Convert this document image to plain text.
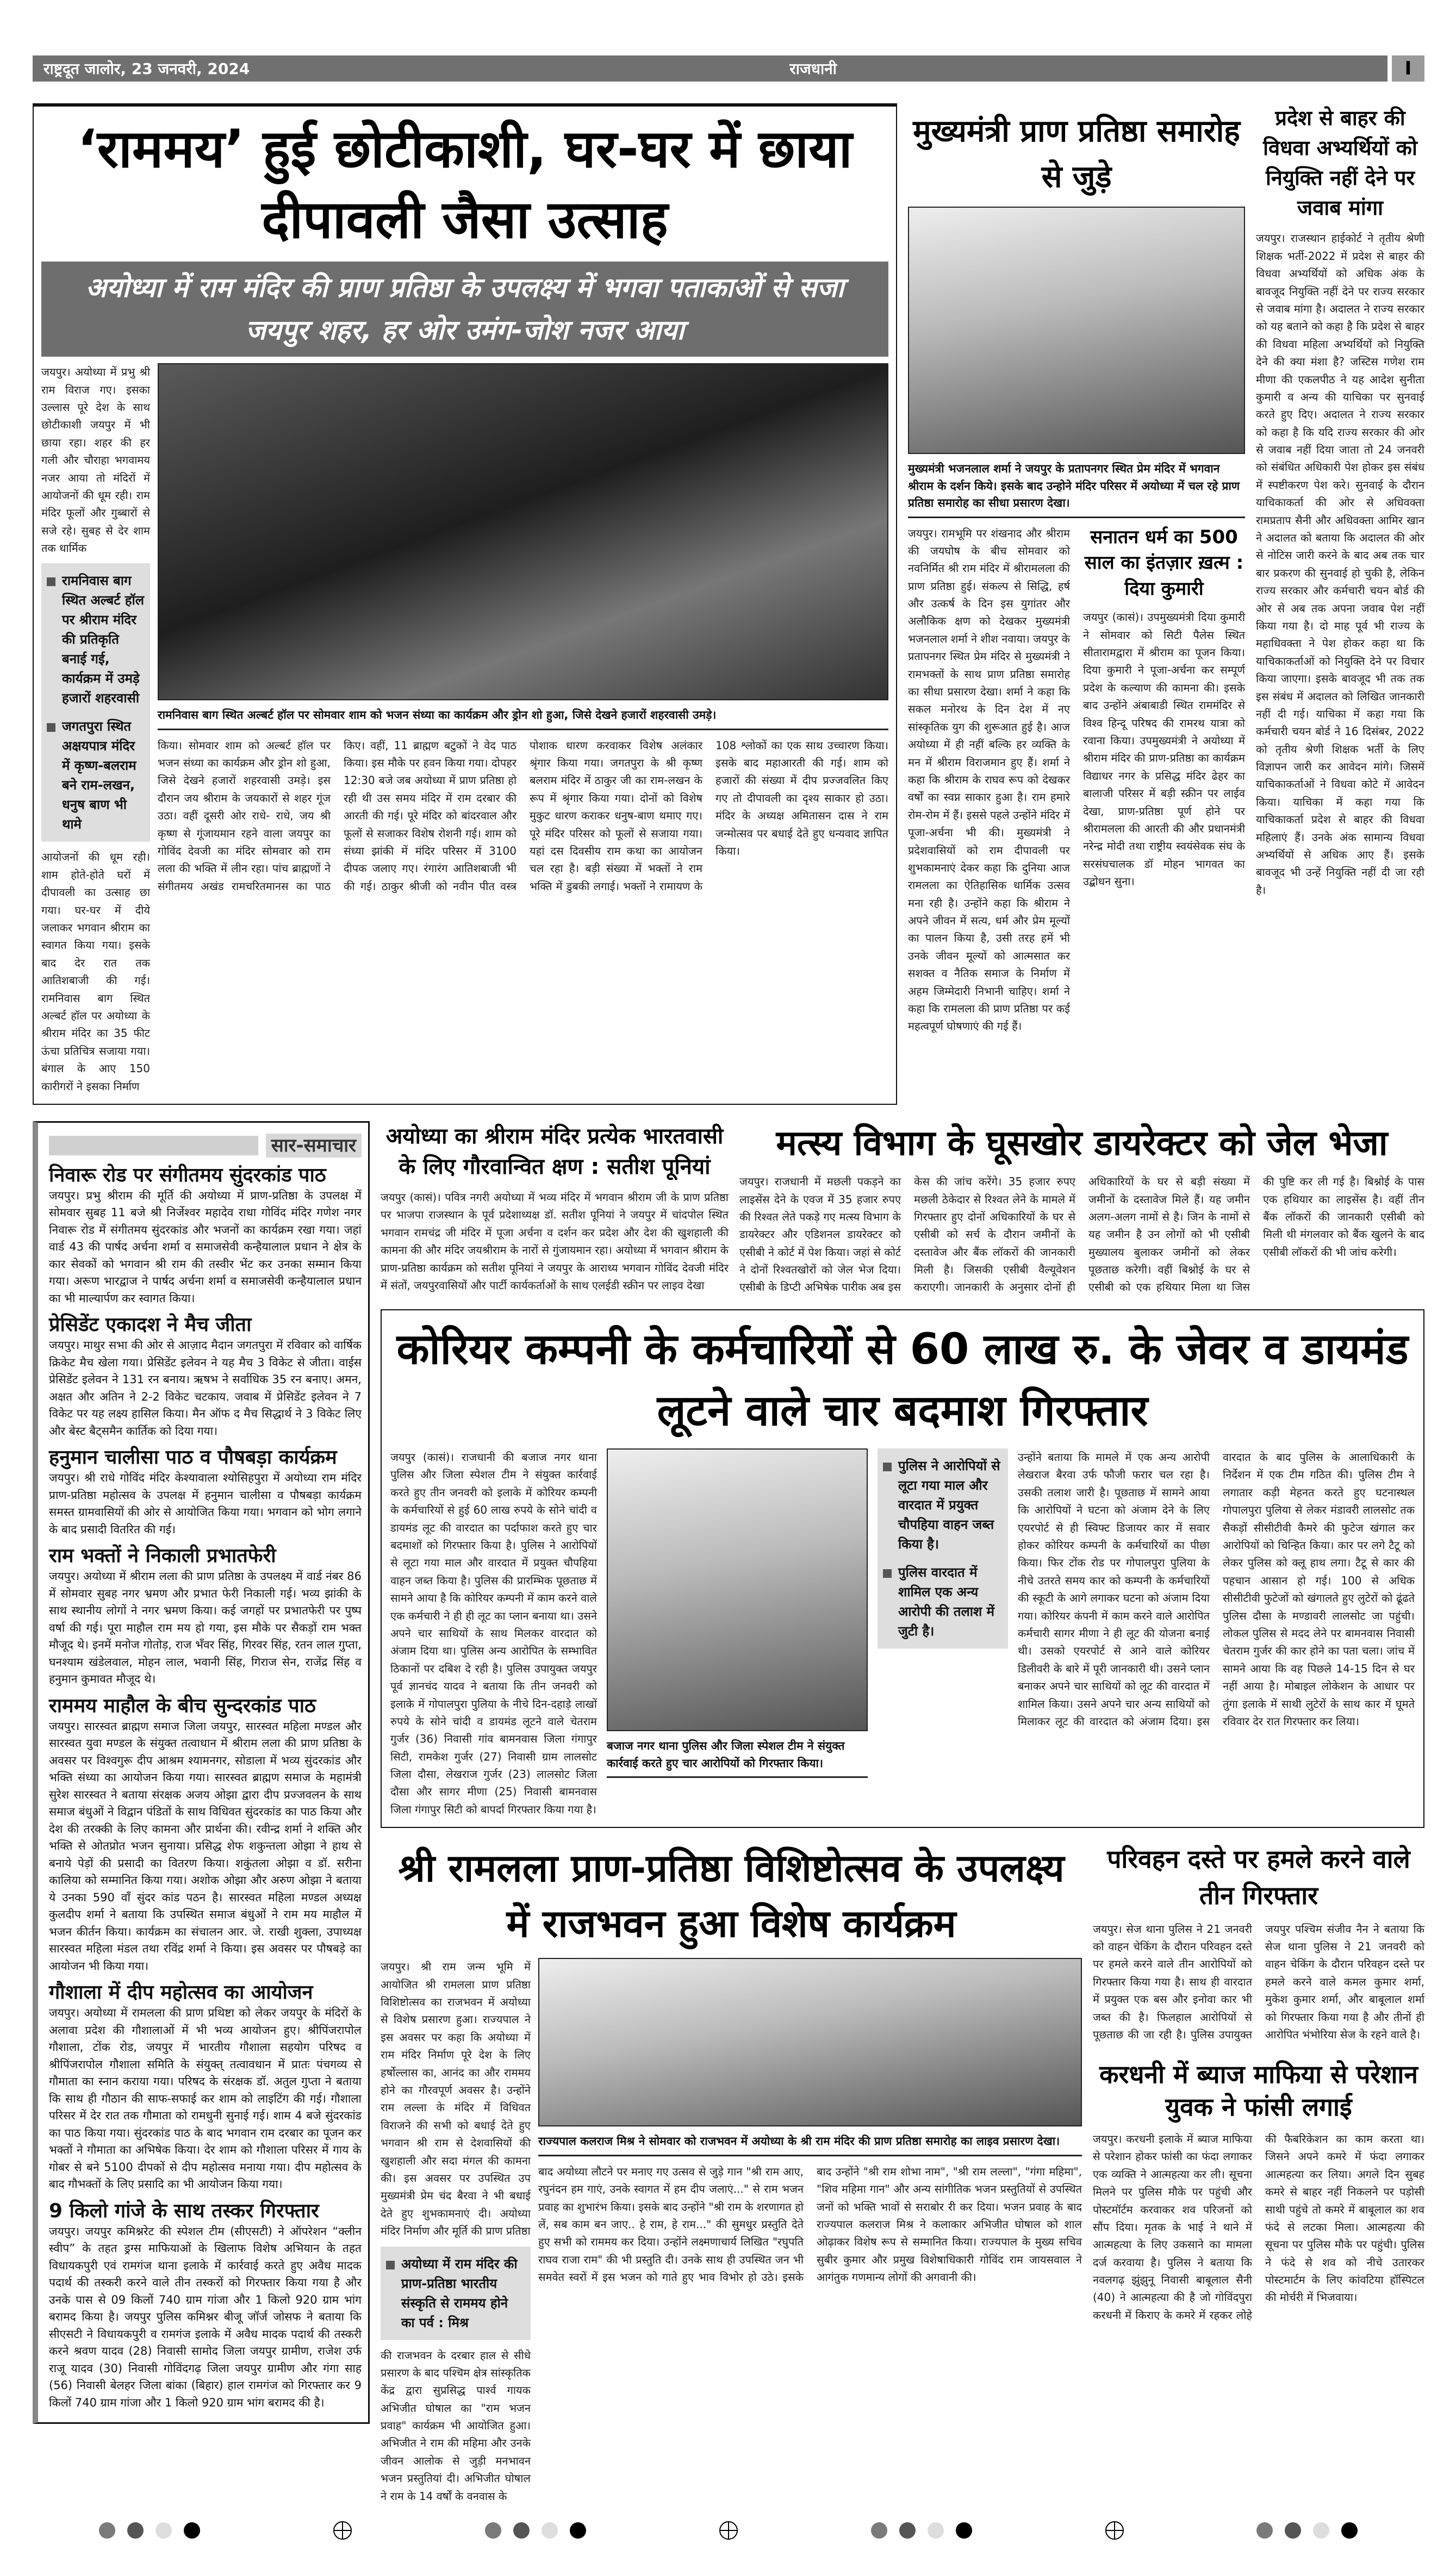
राष्ट्रदूत जालोर, 23 जनवरी, 2024	राजधानी	I
‘राममय’ हुई छोटीकाशी, घर-घर में छाया दीपावली जैसा उत्साह
अयोध्या में राम मंदिर की प्राण प्रतिष्ठा के उपलक्ष्य में भगवा पताकाओं से सजा जयपुर शहर, हर ओर उमंग-जोश नजर आया
जयपुर। अयोध्या में प्रभु श्री राम विराज गए। इसका उल्लास पूरे देश के साथ छोटीकाशी जयपुर में भी छाया रहा। शहर की हर गली और चौराहा भगवामय नजर आया तो मंदिरों में आयोजनों की धूम रही। राम मंदिर फूलों और गुब्बारों से सजे रहे। सुबह से देर शाम तक धार्मिक
रामनिवास बाग स्थित अल्बर्ट हॉल पर श्रीराम मंदिर की प्रतिकृति बनाई गई, कार्यक्रम में उमड़े हजारों शहरवासी
जगतपुरा स्थित अक्षयपात्र मंदिर में कृष्ण-बलराम बने राम-लखन, धनुष बाण भी थामे
आयोजनों की धूम रही। शाम होते-होते घरों में दीपावली का उत्साह छा गया। घर-घर में दीये जलाकर भगवान श्रीराम का स्वागत किया गया। इसके बाद देर रात तक आतिशबाजी की गई। रामनिवास बाग स्थित अल्बर्ट हॉल पर अयोध्या के श्रीराम मंदिर का 35 फीट ऊंचा प्रतिचित्र सजाया गया। बंगाल के आए 150 कारीगरों ने इसका निर्माण
रामनिवास बाग स्थित अल्बर्ट हॉल पर सोमवार शाम को भजन संध्या का कार्यक्रम और ड्रोन शो हुआ, जिसे देखने हजारों शहरवासी उमड़े।
किया। सोमवार शाम को अल्बर्ट हॉल पर भजन संध्या का कार्यक्रम और ड्रोन शो हुआ, जिसे देखने हजारों शहरवासी उमड़े। इस दौरान जय श्रीराम के जयकारों से शहर गूंज उठा। वहीं दूसरी ओर राधे- राधे, जय श्री कृष्ण से गूंजायमान रहने वाला जयपुर का गोविंद देवजी का मंदिर सोमवार को राम लला की भक्ति में लीन रहा। पांच ब्राह्मणों ने संगीतमय अखंड रामचरितमानस का पाठ किए। वहीं, 11 ब्राह्मण बटुकों ने वेद पाठ किया। इस मौके पर हवन किया गया। दोपहर 12:30 बजे जब अयोध्या में प्राण प्रतिष्ठा हो रही थी उस समय मंदिर में राम दरबार की आरती की गई। पूरे मंदिर को बांदरवाल और फूलों से सजाकर विशेष रोशनी गई। शाम को संध्या झांकी में मंदिर परिसर में 3100 दीपक जलाए गए। रंगारंग आतिशबाजी भी की गई। ठाकुर श्रीजी को नवीन पीत वस्त्र पोशाक धारण करवाकर विशेष अलंकार श्रृंगार किया गया। जगतपुरा के श्री कृष्ण बलराम मंदिर में ठाकुर जी का राम-लखन के रूप में श्रृंगार किया गया। दोनों को विशेष मुकुट धारण कराकर धनुष-बाण थमाए गए। पूरे मंदिर परिसर को फूलों से सजाया गया। यहां दस दिवसीय राम कथा का आयोजन चल रहा है। बड़ी संख्या में भक्तों ने राम भक्ति में डुबकी लगाई। भक्तों ने रामायण के 108 श्लोकों का एक साथ उच्चारण किया। इसके बाद महाआरती की गई। शाम को हजारों की संख्या में दीप प्रज्जवलित किए गए तो दीपावली का दृश्य साकार हो उठा। मंदिर के अध्यक्ष अमितासन दास ने राम जन्मोत्सव पर बधाई देते हुए धन्यवाद ज्ञापित किया।
मुख्यमंत्री प्राण प्रतिष्ठा समारोह से जुड़े
मुख्यमंत्री भजनलाल शर्मा ने जयपुर के प्रतापनगर स्थित प्रेम मंदिर में भगवान श्रीराम के दर्शन किये। इसके बाद उन्होने मंदिर परिसर में अयोध्या में चल रहे प्राण प्रतिष्ठा समारोह का सीधा प्रसारण देखा।
जयपुर। रामभूमि पर शंखनाद और श्रीराम की जयघोष के बीच सोमवार को नवनिर्मित श्री राम मंदिर में श्रीरामलला की प्राण प्रतिष्ठा हुई। संकल्प से सिद्धि, हर्ष और उत्कर्ष के दिन इस युगांतर और अलौकिक क्षण को देखकर मुख्यमंत्री भजनलाल शर्मा ने शीश नवाया। जयपुर के प्रतापनगर स्थित प्रेम मंदिर से मुख्यमंत्री ने रामभक्तों के साथ प्राण प्रतिष्ठा समारोह का सीधा प्रसारण देखा। शर्मा ने कहा कि सकल मनोरथ के दिन देश में नए सांस्कृतिक युग की शुरूआत हुई है। आज अयोध्या में ही नहीं बल्कि हर व्यक्ति के मन में श्रीराम विराजमान हुए हैं। शर्मा ने कहा कि श्रीराम के राघव रूप को देखकर वर्षों का स्वप्न साकार हुआ है। राम हमारे रोम-रोम में हैं। इससे पहले उन्होंने मंदिर में पूजा-अर्चना भी की। मुख्यमंत्री ने प्रदेशवासियों को राम दीपावली पर शुभकामनाएं देकर कहा कि दुनिया आज रामलला का ऐतिहासिक धार्मिक उत्सव मना रही है। उन्होंने कहा कि श्रीराम ने अपने जीवन में सत्य, धर्म और प्रेम मूल्यों का पालन किया है, उसी तरह हमें भी उनके जीवन मूल्यों को आत्मसात कर सशक्त व नैतिक समाज के निर्माण में अहम जिम्मेदारी निभानी चाहिए। शर्मा ने कहा कि रामलला की प्राण प्रतिष्ठा पर कई महत्वपूर्ण घोषणाएं की गई हैं।
सनातन धर्म का 500 साल का इंतज़ार ख़त्म : दिया कुमारी
जयपुर (कासं)। उपमुख्यमंत्री दिया कुमारी ने सोमवार को सिटी पैलेस स्थित सीतारामद्वारा में श्रीराम का पूजन किया। दिया कुमारी ने पूजा-अर्चना कर सम्पूर्ण प्रदेश के कल्याण की कामना की। इसके बाद उन्होंने अंबाबाडी स्थित राममंदिर से विश्व हिन्दू परिषद की रामरथ यात्रा को रवाना किया। उपमुख्यमंत्री ने अयोध्या में श्रीराम मंदिर की प्राण-प्रतिष्ठा का कार्यक्रम विद्याधर नगर के प्रसिद्ध मंदिर ढेहर का बालाजी परिसर में बड़ी स्क्रीन पर लाईव देखा, प्राण-प्रतिष्ठा पूर्ण होने पर श्रीरामलला की आरती की और प्रधानमंत्री नरेन्द्र मोदी तथा राष्ट्रीय स्वयंसेवक संघ के सरसंघचालक डॉ मोहन भागवत का उद्बोधन सुना।
प्रदेश से बाहर की विधवा अभ्यर्थियों को नियुक्ति नहीं देने पर जवाब मांगा
जयपुर। राजस्थान हाईकोर्ट ने तृतीय श्रेणी शिक्षक भर्ती-2022 में प्रदेश से बाहर की विधवा अभ्यर्थियों को अधिक अंक के बावजूद नियुक्ति नहीं देने पर राज्य सरकार से जवाब मांगा है। अदालत ने राज्य सरकार को यह बताने को कहा है कि प्रदेश से बाहर की विधवा महिला अभ्यर्थियों को नियुक्ति देने की क्या मंशा है? जस्टिस गणेश राम मीणा की एकलपीठ ने यह आदेश सुनीता कुमारी व अन्य की याचिका पर सुनवाई करते हुए दिए। अदालत ने राज्य सरकार को कहा है कि यदि राज्य सरकार की ओर से जवाब नहीं दिया जाता तो 24 जनवरी को संबंधित अधिकारी पेश होकर इस संबंध में स्पष्टीकरण पेश करे। सुनवाई के दौरान याचिकाकर्ता की ओर से अधिवक्ता रामप्रताप सैनी और अधिवक्ता आमिर खान ने अदालत को बताया कि अदालत की ओर से नोटिस जारी करने के बाद अब तक चार बार प्रकरण की सुनवाई हो चुकी है, लेकिन राज्य सरकार और कर्मचारी चयन बोर्ड की ओर से अब तक अपना जवाब पेश नहीं किया गया है। दो माह पूर्व भी राज्य के महाधिवक्ता ने पेश होकर कहा था कि याचिकाकर्ताओं को नियुक्ति देने पर विचार किया जाएगा। इसके बावजूद भी तक तक इस संबंध में अदालत को लिखित जानकारी नहीं दी गई। याचिका में कहा गया कि कर्मचारी चयन बोर्ड ने 16 दिसंबर, 2022 को तृतीय श्रेणी शिक्षक भर्ती के लिए विज्ञापन जारी कर आवेदन मांगे। जिसमें याचिकाकर्ताओं ने विधवा कोटे में आवेदन किया। याचिका में कहा गया कि याचिकाकर्ता प्रदेश से बाहर की विधवा महिलाएं हैं। उनके अंक सामान्य विधवा अभ्यर्थियों से अधिक आए हैं। इसके बावजूद भी उन्हें नियुक्ति नहीं दी जा रही है।
सार-समाचार
निवारू रोड पर संगीतमय सुंदरकांड पाठ

जयपुर। प्रभु श्रीराम की मूर्ति की अयोध्या में प्राण-प्रतिष्ठा के उपलक्ष में सोमवार सुबह 11 बजे श्री निर्जेश्वर महादेव राधा गोविंद मंदिर गणेश नगर निवारू रोड में संगीतमय सुंदरकांड और भजनों का कार्यक्रम रखा गया। जहां वार्ड 43 की पार्षद अर्चना शर्मा व समाजसेवी कन्हैयालाल प्रधान ने क्षेत्र के कार सेवकों को भगवान श्री राम की तस्वीर भेंट कर उनका सम्मान किया गया। अरूण भारद्वाज ने पार्षद अर्चना शर्मा व समाजसेवी कन्हैयालाल प्रधान का भी माल्यार्पण कर स्वागत किया।

प्रेसिडेंट एकादश ने मैच जीता

जयपुर। माथुर सभा की ओर से आज़ाद मैदान जगतपुरा में रविवार को वार्षिक क्रिकेट मैच खेला गया। प्रेसिडेंट इलेवन ने यह मैच 3 विकेट से जीता। वाईस प्रेसिडेंट इलेवन ने 131 रन बनाय। ऋषभ ने सर्वाधिक 35 रन बनाए। अमन, अक्षत और अतिन ने 2-2 विकेट चटकाय. जवाब में प्रेसिडेंट इलेवन ने 7 विकेट पर यह लक्ष्य हासिल किया। मैन ऑफ द मैच सिद्धार्थ ने 3 विकेट लिए और बेस्ट बैट्समैन कार्तिक को दिया गया।

हनुमान चालीसा पाठ व पौषबड़ा कार्यक्रम

जयपुर। श्री राधे गोविंद मंदिर केश्यावाला श्योसिहपुरा में अयोध्या राम मंदिर प्राण-प्रतिष्ठा महोत्सव के उपलक्ष में हनुमान चालीसा व पौषबड़ा कार्यक्रम समस्त ग्रामवासियों की ओर से आयोजित किया गया। भगवान को भोग लगाने के बाद प्रसादी वितरित की गई।

राम भक्तों ने निकाली प्रभातफेरी

जयपुर। अयोध्या में श्रीराम लला की प्राण प्रतिष्ठा के उपलक्ष्य में वार्ड नंबर 86 में सोमवार सुबह नगर भ्रमण और प्रभात फेरी निकाली गई। भव्य झांकी के साथ स्थानीय लोगों ने नगर भ्रमण किया। कई जगहों पर प्रभातफेरी पर पुष्प वर्षा की गई। पूरा माहौल राम मय हो गया, इस मौके पर सैकड़ों राम भक्त मौजूद थे। इनमें मनोज गोतोड़, राज भँवर सिंह, गिरवर सिंह, रतन लाल गुप्ता, घनश्याम खंडेलवाल, मोहन लाल, भवानी सिंह, गिराज सेन, राजेंद्र सिंह व हनुमान कुमावत मौजूद थे।

राममय माहौल के बीच सुन्दरकांड पाठ

जयपुर। सारस्वत ब्राह्मण समाज जिला जयपुर, सारस्वत महिला मण्डल और सारस्वत युवा मण्डल के संयुक्त तत्वाधान में श्रीराम लला की प्राण प्रतिष्ठा के अवसर पर विश्वगुरू दीप आश्रम श्यामनगर, सोडाला में भव्य सुंदरकांड और भक्ति संध्या का आयोजन किया गया। सारस्वत ब्राह्मण समाज के महामंत्री सुरेश सारस्वत ने बताया संरक्षक अजय ओझा द्वारा दीप प्रज्जवलन के साथ समाज बंधुओं ने विद्वान पंडितों के साथ विधिवत सुंदरकांड का पाठ किया और देश की तरक्की के लिए कामना और प्रार्थना की। रवीन्द्र शर्मा ने शक्ति और भक्ति से ओतप्रोत भजन सुनाया। प्रसिद्ध शेफ शकुन्तला ओझा ने हाथ से बनाये पेड़ों की प्रसादी का वितरण किया। शकुंतला ओझा व डॉ. सरीना कालिया को सम्मानित किया गया। अशोक ओझा और अरुण ओझा ने बताया ये उनका 590 वाँ सुंदर कांड पठन है। सारस्वत महिला मण्डल अध्यक्ष कुलदीप शर्मा ने बताया कि उपस्थित समाज बंधुओं ने राम मय माहौल में भजन कीर्तन किया। कार्यक्रम का संचालन आर. जे. राखी शुक्ला, उपाध्यक्ष सारस्वत महिला मंडल तथा रविंद्र शर्मा ने किया। इस अवसर पर पौषबड़े का आयोजन भी किया गया।

गौशाला में दीप महोत्सव का आयोजन

जयपुर। अयोध्या में रामलला की प्राण प्रथिष्टा को लेकर जयपुर के मंदिरों के अलावा प्रदेश की गौशालाओं में भी भव्य आयोजन हुए। श्रीपिंजरापोल गौशाला, टोंक रोड, जयपुर में भारतीय गौशाला सहयोग परिषद व श्रीपिंजरापोल गौशाला समिति के संयुक्त् तत्वावधान में प्रातः पंचगव्य से गौमाता का स्नान कराया गया। परिषद के संरक्षक डॉ. अतुल गुप्ता ने बताया कि साथ ही गौठान की साफ-सफाई कर शाम को लाइटिंग की गई। गौशाला परिसर में देर रात तक गौमाता को रामधुनी सुनाई गई। शाम 4 बजे सुंदरकांड का पाठ किया गया। सुंदरकांड पाठ के बाद भगवान राम दरबार का पूजन कर भक्तों ने गौमाता का अभिषेक किया। देर शाम को गौशाला परिसर में गाय के गोबर से बने 5100 दीपकों से दीप महोत्सव मनाया गया। दीप महोत्सव के बाद गौभक्तों के लिए प्रसादि का भी आयोजन किया गया।

9 किलो गांजे के साथ तस्कर गिरफ्तार

जयपुर। जयपुर कमिश्नरेट की स्पेशल टीम (सीएसटी) ने ऑपरेशन “क्लीन स्वीप” के तहत ड्रग्स माफियाओं के खिलाफ विशेष अभियान के तहत विधायकपुरी एवं रामगंज थाना इलाके में कार्रवाई करते हुए अवैध मादक पदार्थ की तस्करी करने वाले तीन तस्करों को गिरफ्तार किया गया है और उनके पास से 09 किलों 740 ग्राम गांजा और 1 किलो 920 ग्राम भांग बरामद किया है। जयपुर पुलिस कमिश्नर बीजू जॉर्ज जोसफ ने बताया कि सीएसटी ने विधायकपुरी व रामगंज इलाके में अवैध मादक पदार्थ की तस्करी करने श्रवण यादव (28) निवासी सामोद जिला जयपुर ग्रामीण, राजेश उर्फ राजू यादव (30) निवासी गोविंदगढ़ जिला जयपुर ग्रामीण और गंगा साह (56) निवासी बेलहर जिला बांका (बिहार) हाल रामगंज को गिरफ्तार कर 9 किलों 740 ग्राम गांजा और 1 किलो 920 ग्राम भांग बरामद की है।

अयोध्या का श्रीराम मंदिर प्रत्येक भारतवासी के लिए गौरवान्वित क्षण : सतीश पूनियां
जयपुर (कासं)। पवित्र नगरी अयोध्या में भव्य मंदिर में भगवान श्रीराम जी के प्राण प्रतिष्ठा पर भाजपा राजस्थान के पूर्व प्रदेशाध्यक्ष डॉ. सतीश पूनियां ने जयपुर में चांदपोल स्थित भगवान रामचंद्र जी मंदिर में पूजा अर्चना व दर्शन कर प्रदेश और देश की खुशहाली की कामना की और मंदिर जयश्रीराम के नारों से गुंजायमान रहा। अयोध्या में भगवान श्रीराम के प्राण-प्रतिष्ठा कार्यक्रम को सतीश पूनियां ने जयपुर के आराध्य भगवान गोविंद देवजी मंदिर में संतों, जयपुरवासियों और पार्टी कार्यकर्ताओं के साथ एलईडी स्क्रीन पर लाइव देखा
मत्स्य विभाग के घूसखोर डायरेक्टर को जेल भेजा
जयपुर। राजधानी में मछली पकड़ने का लाइसेंस देने के एवज में 35 हजार रुपए की रिश्वत लेते पकड़े गए मत्स्य विभाग के डायरेक्टर और एडिशनल डायरेक्टर को एसीबी ने कोर्ट में पेश किया। जहां से कोर्ट ने दोनों रिश्वतखोरों को जेल भेज दिया। एसीबी के डिप्टी अभिषेक पारीक अब इस केस की जांच करेंगे। 35 हजार रुपए मछली ठेकेदार से रिश्वत लेने के मामले में गिरफ्तार हुए दोनों अधिकारियों के घर से एसीबी को सर्च के दौरान जमीनों के दस्तावेज और बैंक लॉकरों की जानकारी मिली है। जिसकी एसीबी वैल्यूवेशन कराएगी। जानकारी के अनुसार दोनों ही अधिकारियों के घर से बड़ी संख्या में जमीनों के दस्तावेज मिले हैं। यह जमीन अलग-अलग नामों से है। जिन के नामों से यह जमीन है उन लोगों को भी एसीबी मुख्यालय बुलाकर जमीनों को लेकर पूछताछ करेगी। वहीं बिश्नोई के घर से एसीबी को एक हथियार मिला था जिस की पुष्टि कर ली गई है। बिश्नोई के पास एक हथियार का लाइसेंस है। वहीं तीन बैंक लॉकरों की जानकारी एसीबी को मिली थी मंगलवार को बैंक खुलने के बाद एसीबी लॉकरों की भी जांच करेगी।
कोरियर कम्पनी के कर्मचारियों से 60 लाख रु. के जेवर व डायमंड लूटने वाले चार बदमाश गिरफ्तार
जयपुर (कासं)। राजधानी की बजाज नगर थाना पुलिस और जिला स्पेशल टीम ने संयुक्त कार्रवाई करते हुए तीन जनवरी को इलाके में कोरियर कम्पनी के कर्मचारियों से हुई 60 लाख रुपये के सोने चांदी व डायमंड लूट की वारदात का पर्दाफाश करते हुए चार बदमाशों को गिरफ्तार किया है। पुलिस ने आरोपियों से लूटा गया माल और वारदात में प्रयुक्त चौपहिया वाहन जब्त किया है। पुलिस की प्रारम्भिक पूछताछ में सामने आया है कि कोरियर कम्पनी में काम करने वाले एक कर्मचारी ने ही ही लूट का प्लान बनाया था। उसने अपने चार साथियों के साथ मिलकर वारदात को अंजाम दिया था। पुलिस अन्य आरोपित के सम्भावित ठिकानों पर दबिश दे रही है। पुलिस उपायुक्त जयपुर पूर्व ज्ञानचंद यादव ने बताया कि तीन जनवरी को इलाके में गोपालपुरा पुलिया के नीचे दिन-दहाड़े लाखों रुपये के सोने चांदी व डायमंड लूटने वाले चेतराम गुर्जर (36) निवासी गांव बामनवास जिला गंगापुर सिटी, रामकेश गुर्जर (27) निवासी ग्राम लालसोट जिला दौसा, लेखराज गुर्जर (23) लालसोट जिला दौसा और सागर मीणा (25) निवासी बामनवास जिला गंगापुर सिटी को बापर्दा गिरफ्तार किया गया है।
बजाज नगर थाना पुलिस और जिला स्पेशल टीम ने संयुक्त कार्रवाई करते हुए चार आरोपियों को गिरफ्तार किया।
पुलिस ने आरोपियों से लूटा गया माल और वारदात में प्रयुक्त चौपहिया वाहन जब्त किया है।
पुलिस वारदात में शामिल एक अन्य आरोपी की तलाश में जुटी है।
उन्होंने बताया कि मामले में एक अन्य आरोपी लेखराज बैरवा उर्फ फौजी फरार चल रहा है। उसकी तलाश जारी है। पूछताछ में सामने आया कि आरोपियों ने घटना को अंजाम देने के लिए एयरपोर्ट से ही स्विफ्ट डिजायर कार में सवार होकर कोरियर कम्पनी के कर्मचारियों का पीछा किया। फिर टोंक रोड पर गोपालपुरा पुलिया के नीचे उतरते समय कार को कम्पनी के कर्मचारियों की स्कूटी के आगे लगाकर घटना को अंजाम दिया गया। कोरियर कंपनी में काम करने वाले आरोपित कर्मचारी सागर मीणा ने ही लूट की योजना बनाई थी। उसको एयरपोर्ट से आने वाले कोरियर डिलीवरी के बारे में पूरी जानकारी थी। उसने प्लान बनाकर अपने चार साथियों को लूट की वारदात में शामिल किया। उसने अपने चार अन्य साथियों को मिलाकर लूट की वारदात को अंजाम दिया। इस वारदात के बाद पुलिस के आलाधिकारी के निर्देशन में एक टीम गठित की। पुलिस टीम ने लगातार कड़ी मेहनत करते हुए घटनास्थल गोपालपुरा पुलिया से लेकर मंडावरी लालसोट तक सैकड़ों सीसीटीवी कैमरे की फुटेज खंगाल कर आरोपियों को चिन्हित किया। कार पर लगे टैटू को लेकर पुलिस को क्लू हाथ लगा। टैटू से कार की पहचान आसान हो गई। 100 से अधिक सीसीटीवी फुटेजों को खंगालते हुए लुटेरों को ढूंढते पुलिस दौसा के मण्डावरी लालसोट जा पहुंची। लोकल पुलिस से मदद लेने पर बामनवास निवासी चेतराम गुर्जर की कार होने का पता चला। जांच में सामने आया कि वह पिछले 14-15 दिन से घर नहीं आया है। मोबाइल लोकेशन के आधार पर तुंगा इलाके में साथी लुटेरों के साथ कार में घूमते रविवार देर रात गिरफ्तार कर लिया।
श्री रामलला प्राण-प्रतिष्ठा विशिष्टोत्सव के उपलक्ष्य में राजभवन हुआ विशेष कार्यक्रम
जयपुर। श्री राम जन्म भूमि में आयोजित श्री रामलला प्राण प्रतिष्ठा विशिष्टोत्सव का राजभवन में अयोध्या से विशेष प्रसारण हुआ। राज्यपाल ने इस अवसर पर कहा कि अयोध्या में राम मंदिर निर्माण पूरे देश के लिए हर्षोल्लास का, आनंद का और राममय होने का गौरवपूर्ण अवसर है। उन्होंने राम लल्ला के मंदिर में विधिवत विराजने की सभी को बधाई देते हुए भगवान श्री राम से देशवासियों की खुशहाली और सदा मंगल की कामना की। इस अवसर पर उपस्थित उप मुख्यमंत्री प्रेम चंद बैरवा ने भी बधाई देते हुए शुभकामनाएं दी। अयोध्या मंदिर निर्माण और मूर्ति की प्राण प्रतिष्ठा
अयोध्या में राम मंदिर की प्राण-प्रतिष्ठा भारतीय संस्कृति से राममय होने का पर्व : मिश्र
की राजभवन के दरबार हाल से सीधे प्रसारण के बाद पश्चिम क्षेत्र सांस्कृतिक केंद्र द्वारा सुप्रसिद्ध पार्श्व गायक अभिजीत घोषाल का "राम भजन प्रवाह" कार्यक्रम भी आयोजित हुआ। अभिजीत ने राम की महिमा और उनके जीवन आलोक से जुड़ी मनभावन भजन प्रस्तुतियां दी। अभिजीत घोषाल ने राम के 14 वर्षों के वनवास के
राज्यपाल कलराज मिश्र ने सोमवार को राजभवन में अयोध्या के श्री राम मंदिर की प्राण प्रतिष्ठा समारोह का लाइव प्रसारण देखा।
बाद अयोध्या लौटने पर मनाए गए उत्सव से जुड़े गान "श्री राम आए, रघुनंदन हम गाएं, उनके स्वागत में हम दीप जलाएं..." से राम भजन प्रवाह का शुभारंभ किया। इसके बाद उन्होंने "श्री राम के शरणागत हो लें, सब काम बन जाए.. हे राम, हे राम..." की सुमधुर प्रस्तुति देते हुए सभी को राममय कर दिया। उन्होंने लक्ष्मणाचार्य लिखित "रघुपति राघव राजा राम" की भी प्रस्तुति दी। उनके साथ ही उपस्थित जन भी समवेत स्वरों में इस भजन को गाते हुए भाव विभोर हो उठे। इसके बाद उन्होंने "श्री राम शोभा नाम", "श्री राम लल्ला", "गंगा महिमा", "शिव महिमा गान" और अन्य सांगीतिक भजन प्रस्तुतियों से उपस्थित जनों को भक्ति भावों से सराबोर री कर दिया। भजन प्रवाह के बाद राज्यपाल कलराज मिश्र ने कलाकार अभिजीत घोषाल को शाल ओढ़ाकर विशेष रूप से सम्मानित किया। राज्यपाल के मुख्य सचिव सुबीर कुमार और प्रमुख विशेषाधिकारी गोविंद राम जायसवाल ने आगंतुक गणमान्य लोगों की अगवानी की।
परिवहन दस्ते पर हमले करने वाले तीन गिरफ्तार
जयपुर। सेज थाना पुलिस ने 21 जनवरी को वाहन चेकिंग के दौरान परिवहन दस्ते पर हमले करने वाले तीन आरोपियों को गिरफ्तार किया गया है। साथ ही वारदात में प्रयुक्त एक बस और इनोवा कार भी जब्त की है। फिलहाल आरोपियों से पूछताछ की जा रही है। पुलिस उपायुक्त जयपुर पश्चिम संजीव नैन ने बताया कि सेज थाना पुलिस ने 21 जनवरी को वाहन चेकिंग के दौरान परिवहन दस्ते पर हमले करने वाले कमल कुमार शर्मा, मुकेश कुमार शर्मा, और बाबूलाल शर्मा को गिरफ्तार किया गया है और तीनों ही आरोपित भंभोरिया सेज के रहने वाले है।
करधनी में ब्याज माफिया से परेशान युवक ने फांसी लगाई
जयपुर। करधनी इलाके में ब्याज माफिया से परेशान होकर फांसी का फंदा लगाकर एक व्यक्ति ने आत्महत्या कर ली। सूचना मिलने पर पुलिस मौके पर पहुंची और पोस्टमॉर्टम करवाकर शव परिजनों को सौंप दिया। मृतक के भाई ने थाने में आत्महत्या के लिए उकसाने का मामला दर्ज करवाया है। पुलिस ने बताया कि नवलगढ़ झुंझुनू निवासी बाबूलाल सैनी (40) ने आत्महत्या की है जो गोविंदपुरा करधनी में किराए के कमरे में रहकर लोहे की फैबरिकेशन का काम करता था। जिसने अपने कमरे में फंदा लगाकर आत्महत्या कर लिया। अगले दिन सुबह कमरे से बाहर नहीं निकलने पर पड़ोसी साथी पहुंचे तो कमरे में बाबूलाल का शव फंदे से लटका मिला। आत्महत्या की सूचना पर पुलिस मौके पर पहुंची। पुलिस ने फंदे से शव को नीचे उतारकर पोस्टमार्टम के लिए कांवटिया हॉस्पिटल की मोर्चरी में भिजवाया।
